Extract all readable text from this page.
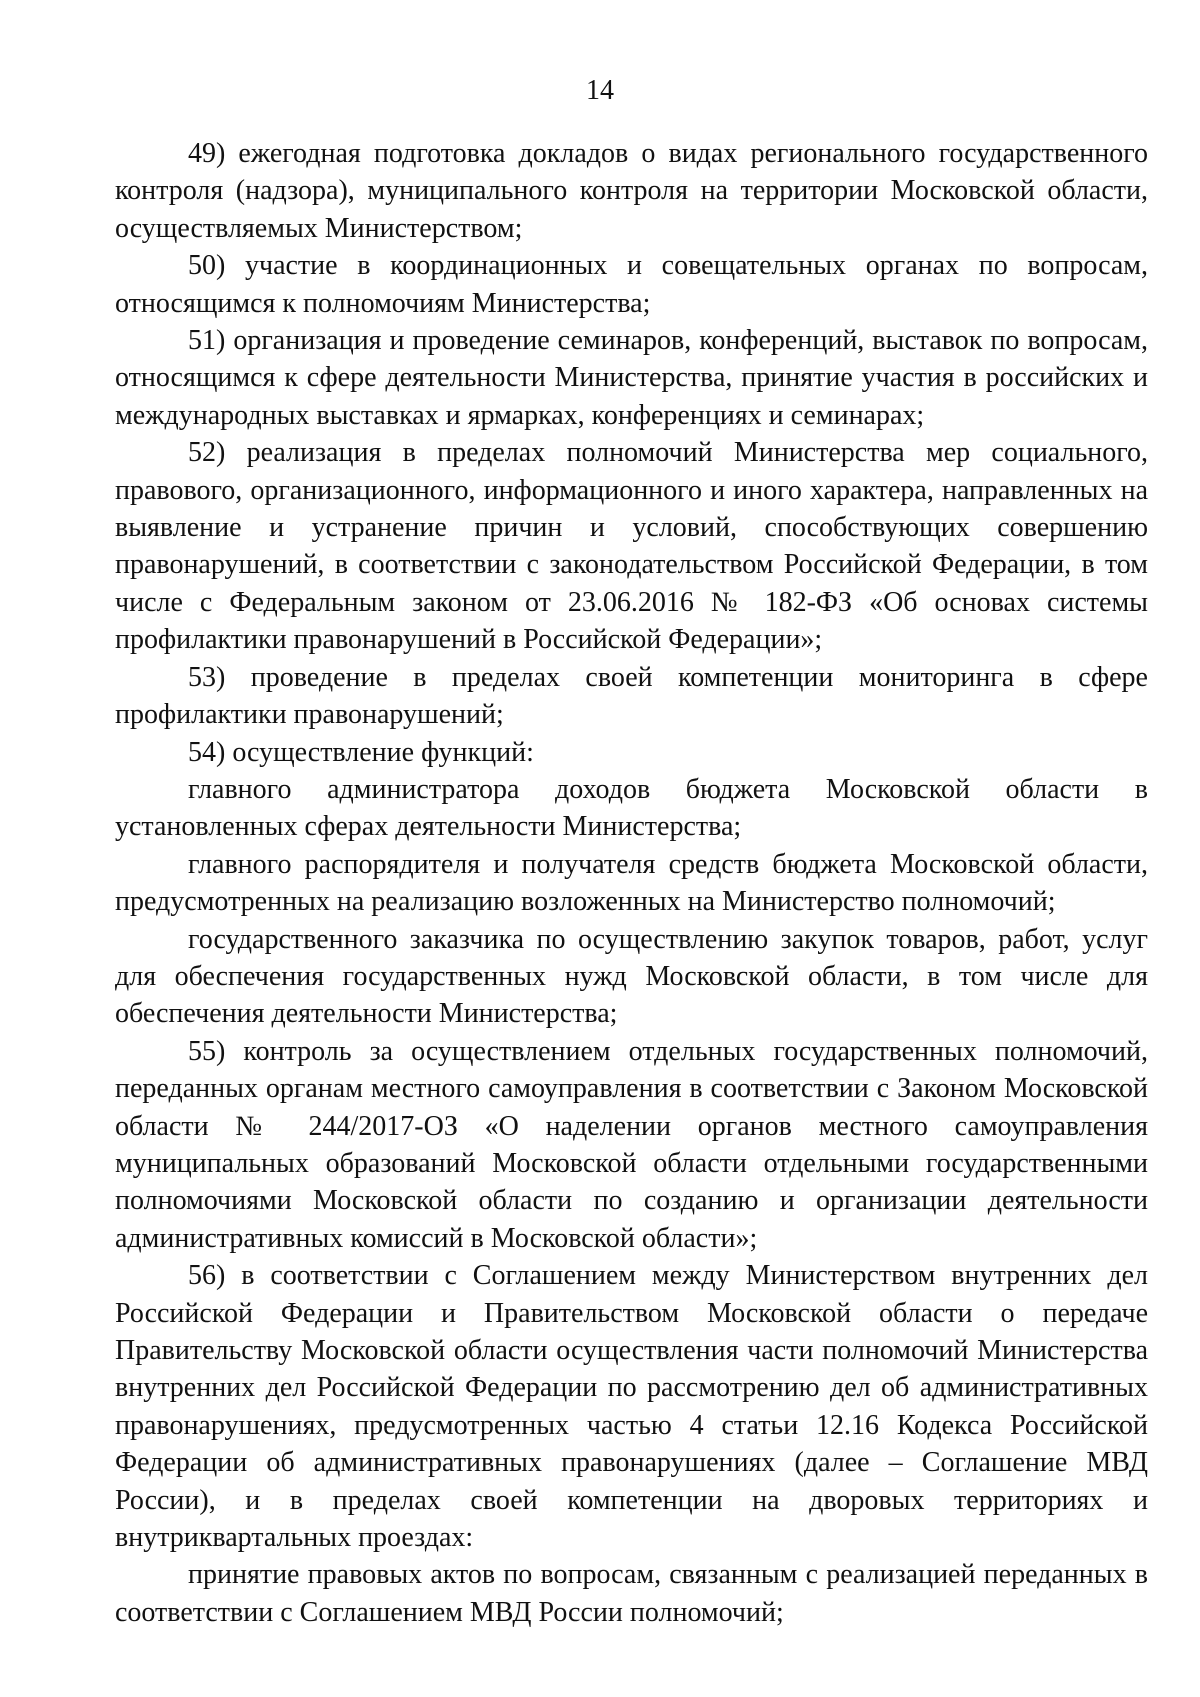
14

49) ежегодная подготовка докладов о видах регионального государственного контроля (надзора), муниципального контроля на территории Московской области, осуществляемых Министерством;

50) участие в координационных и совещательных органах по вопросам, относящимся к полномочиям Министерства;

51) организация и проведение семинаров, конференций, выставок по вопросам, относящимся к сфере деятельности Министерства, принятие участия в российских и международных выставках и ярмарках, конференциях и семинарах;

52) реализация в пределах полномочий Министерства мер социального, правового, организационного, информационного и иного характера, направленных на выявление и устранение причин и условий, способствующих совершению правонарушений, в соответствии с законодательством Российской Федерации, в том числе с Федеральным законом от 23.06.2016 № 182-ФЗ «Об основах системы профилактики правонарушений в Российской Федерации»;

53) проведение в пределах своей компетенции мониторинга в сфере профилактики правонарушений;

54) осуществление функций:

главного администратора доходов бюджета Московской области в установленных сферах деятельности Министерства;

главного распорядителя и получателя средств бюджета Московской области, предусмотренных на реализацию возложенных на Министерство полномочий;

государственного заказчика по осуществлению закупок товаров, работ, услуг для обеспечения государственных нужд Московской области, в том числе для обеспечения деятельности Министерства;

55) контроль за осуществлением отдельных государственных полномочий, переданных органам местного самоуправления в соответствии с Законом Московской области № 244/2017-ОЗ «О наделении органов местного самоуправления муниципальных образований Московской области отдельными государственными полномочиями Московской области по созданию и организации деятельности административных комиссий в Московской области»;

56) в соответствии с Соглашением между Министерством внутренних дел Российской Федерации и Правительством Московской области о передаче Правительству Московской области осуществления части полномочий Министерства внутренних дел Российской Федерации по рассмотрению дел об административных правонарушениях, предусмотренных частью 4 статьи 12.16 Кодекса Российской Федерации об административных правонарушениях (далее – Соглашение МВД России), и в пределах своей компетенции на дворовых территориях и внутриквартальных проездах:

принятие правовых актов по вопросам, связанным с реализацией переданных в соответствии с Соглашением МВД России полномочий;
